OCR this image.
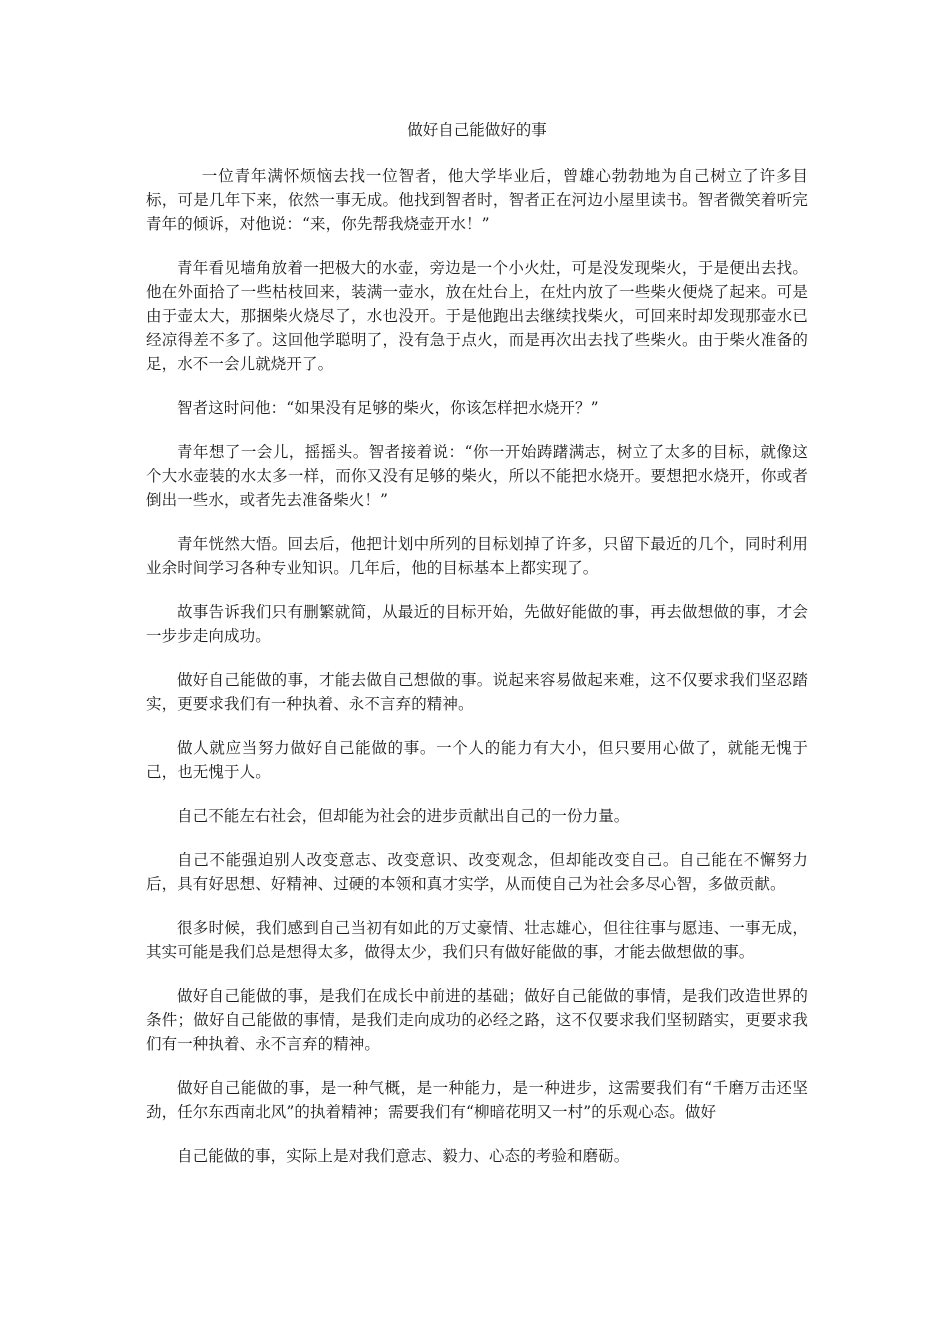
做好自己能做好的事

一位青年满怀烦恼去找一位智者，他大学毕业后，曾雄心勃勃地为自己树立了许多目标，可是几年下来，依然一事无成。他找到智者时，智者正在河边小屋里读书。智者微笑着听完青年的倾诉，对他说：“来，你先帮我烧壶开水！”

青年看见墙角放着一把极大的水壶，旁边是一个小火灶，可是没发现柴火，于是便出去找。他在外面拾了一些枯枝回来，装满一壶水，放在灶台上，在灶内放了一些柴火便烧了起来。可是由于壶太大，那捆柴火烧尽了，水也没开。于是他跑出去继续找柴火，可回来时却发现那壶水已经凉得差不多了。这回他学聪明了，没有急于点火，而是再次出去找了些柴火。由于柴火准备的足，水不一会儿就烧开了。

智者这时问他：“如果没有足够的柴火，你该怎样把水烧开？”

青年想了一会儿，摇摇头。智者接着说：“你一开始踌躇满志，树立了太多的目标，就像这个大水壶装的水太多一样，而你又没有足够的柴火，所以不能把水烧开。要想把水烧开，你或者倒出一些水，或者先去准备柴火！”

青年恍然大悟。回去后，他把计划中所列的目标划掉了许多，只留下最近的几个，同时利用业余时间学习各种专业知识。几年后，他的目标基本上都实现了。

故事告诉我们只有删繁就简，从最近的目标开始，先做好能做的事，再去做想做的事，才会一步步走向成功。

做好自己能做的事，才能去做自己想做的事。说起来容易做起来难，这不仅要求我们坚忍踏实，更要求我们有一种执着、永不言弃的精神。

做人就应当努力做好自己能做的事。一个人的能力有大小，但只要用心做了，就能无愧于己，也无愧于人。

自己不能左右社会，但却能为社会的进步贡献出自己的一份力量。

自己不能强迫别人改变意志、改变意识、改变观念，但却能改变自己。自己能在不懈努力后，具有好思想、好精神、过硬的本领和真才实学，从而使自己为社会多尽心智，多做贡献。

很多时候，我们感到自己当初有如此的万丈豪情、壮志雄心，但往往事与愿违、一事无成，其实可能是我们总是想得太多，做得太少，我们只有做好能做的事，才能去做想做的事。

做好自己能做的事，是我们在成长中前进的基础；做好自己能做的事情，是我们改造世界的条件；做好自己能做的事情，是我们走向成功的必经之路，这不仅要求我们坚韧踏实，更要求我们有一种执着、永不言弃的精神。

做好自己能做的事，是一种气概，是一种能力，是一种进步，这需要我们有“千磨万击还坚劲，任尔东西南北风”的执着精神；需要我们有“柳暗花明又一村”的乐观心态。做好

自己能做的事，实际上是对我们意志、毅力、心态的考验和磨砺。
